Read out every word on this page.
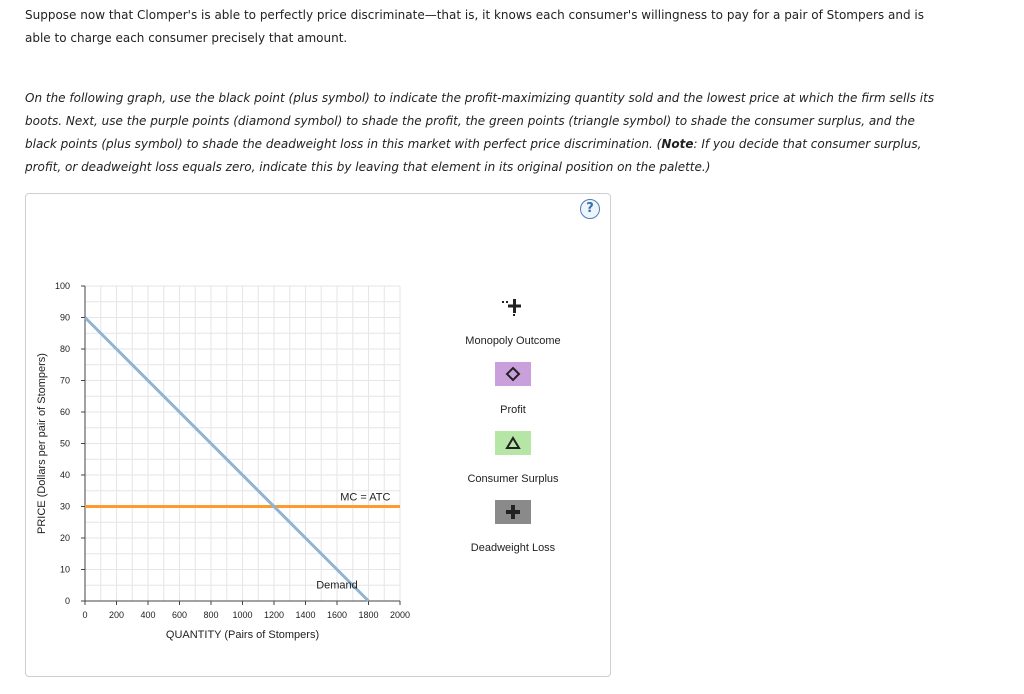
Suppose now that Clomper's is able to perfectly price discriminate—that is, it knows each consumer's willingness to pay for a pair of Stompers and is
able to charge each consumer precisely that amount.
On the following graph, use the black point (plus symbol) to indicate the profit-maximizing quantity sold and the lowest price at which the firm sells its
boots. Next, use the purple points (diamond symbol) to shade the profit, the green points (triangle symbol) to shade the consumer surplus, and the
black points (plus symbol) to shade the deadweight loss in this market with perfect price discrimination. (Note: If you decide that consumer surplus,
profit, or deadweight loss equals zero, indicate this by leaving that element in its original position on the palette.)
?
0
10
20
30
40
50
60
70
80
90
100
0 200 400 600 800 1000 1200 1400 1600 1800 2000
QUANTITY (Pairs of Stompers)
PRICE (Dollars per pair of Stompers)	MC = ATC
Demand
Monopoly Outcome
Profit
Consumer Surplus
Deadweight Loss
